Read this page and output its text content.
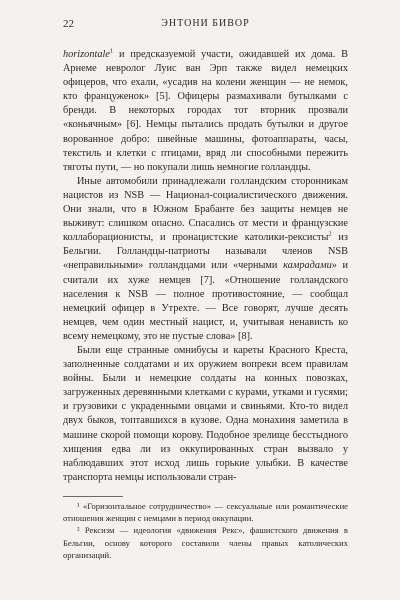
22	ЭНТОНИ БИВОР

horizontale$^1$ и предсказуемой участи, ожидавшей их дома. В Арнеме невролог Луис ван Эрп также видел немецких офицеров, что ехали, «усадив на колени женщин — не немок, кто француженок» [5]. Офицеры размахивали бутылками с бренди. В некоторых городах тот вторник прозвали «коньячным» [6]. Немцы пытались продать бутылки и другое ворованное добро: швейные машины, фотоаппараты, часы, текстиль и клетки с птицами, вряд ли способными пережить тяготы пути, — но покупали лишь немногие голландцы.

Иные автомобили принадлежали голландским сторонникам нацистов из NSB — Национал-социалистического движения. Они знали, что в Южном Брабанте без защиты немцев не выживут: слишком опасно. Спасались от мести и французские коллаборационисты, и пронацистские католики-рексисты$^2$ из Бельгии. Голландцы-патриоты называли членов NSB «неправильными» голландцами или «черными камрадами» и считали их хуже немцев [7]. «Отношение голландского населения к NSB — полное противостояние, — сообщал немецкий офицер в Утрехте. — Все говорят, лучше десять немцев, чем один местный нацист, и, учитывая ненависть ко всему немецкому, это не пустые слова» [8].

Были еще странные омнибусы и кареты Красного Креста, заполненные солдатами и их оружием вопреки всем правилам войны. Были и немецкие солдаты на конных повозках, загруженных деревянными клетками с курами, утками и гусями; и грузовики с украденными овцами и свиньями. Кто-то видел двух быков, топтавшихся в кузове. Одна монахиня заметила в машине скорой помощи корову. Подобное зрелище бесстыдного хищения едва ли из оккупированных стран вызвало у наблюдавших этот исход лишь горькие улыбки. В качестве транспорта немцы использовали стран-

¹ «Горизонтальное сотрудничество» — сексуальные или романтические отношения женщин с немцами в период оккупации.

² Рексизм — идеология «движения Рекс», фашистского движения в Бельгии, основу которого составили члены правых католических организаций.
